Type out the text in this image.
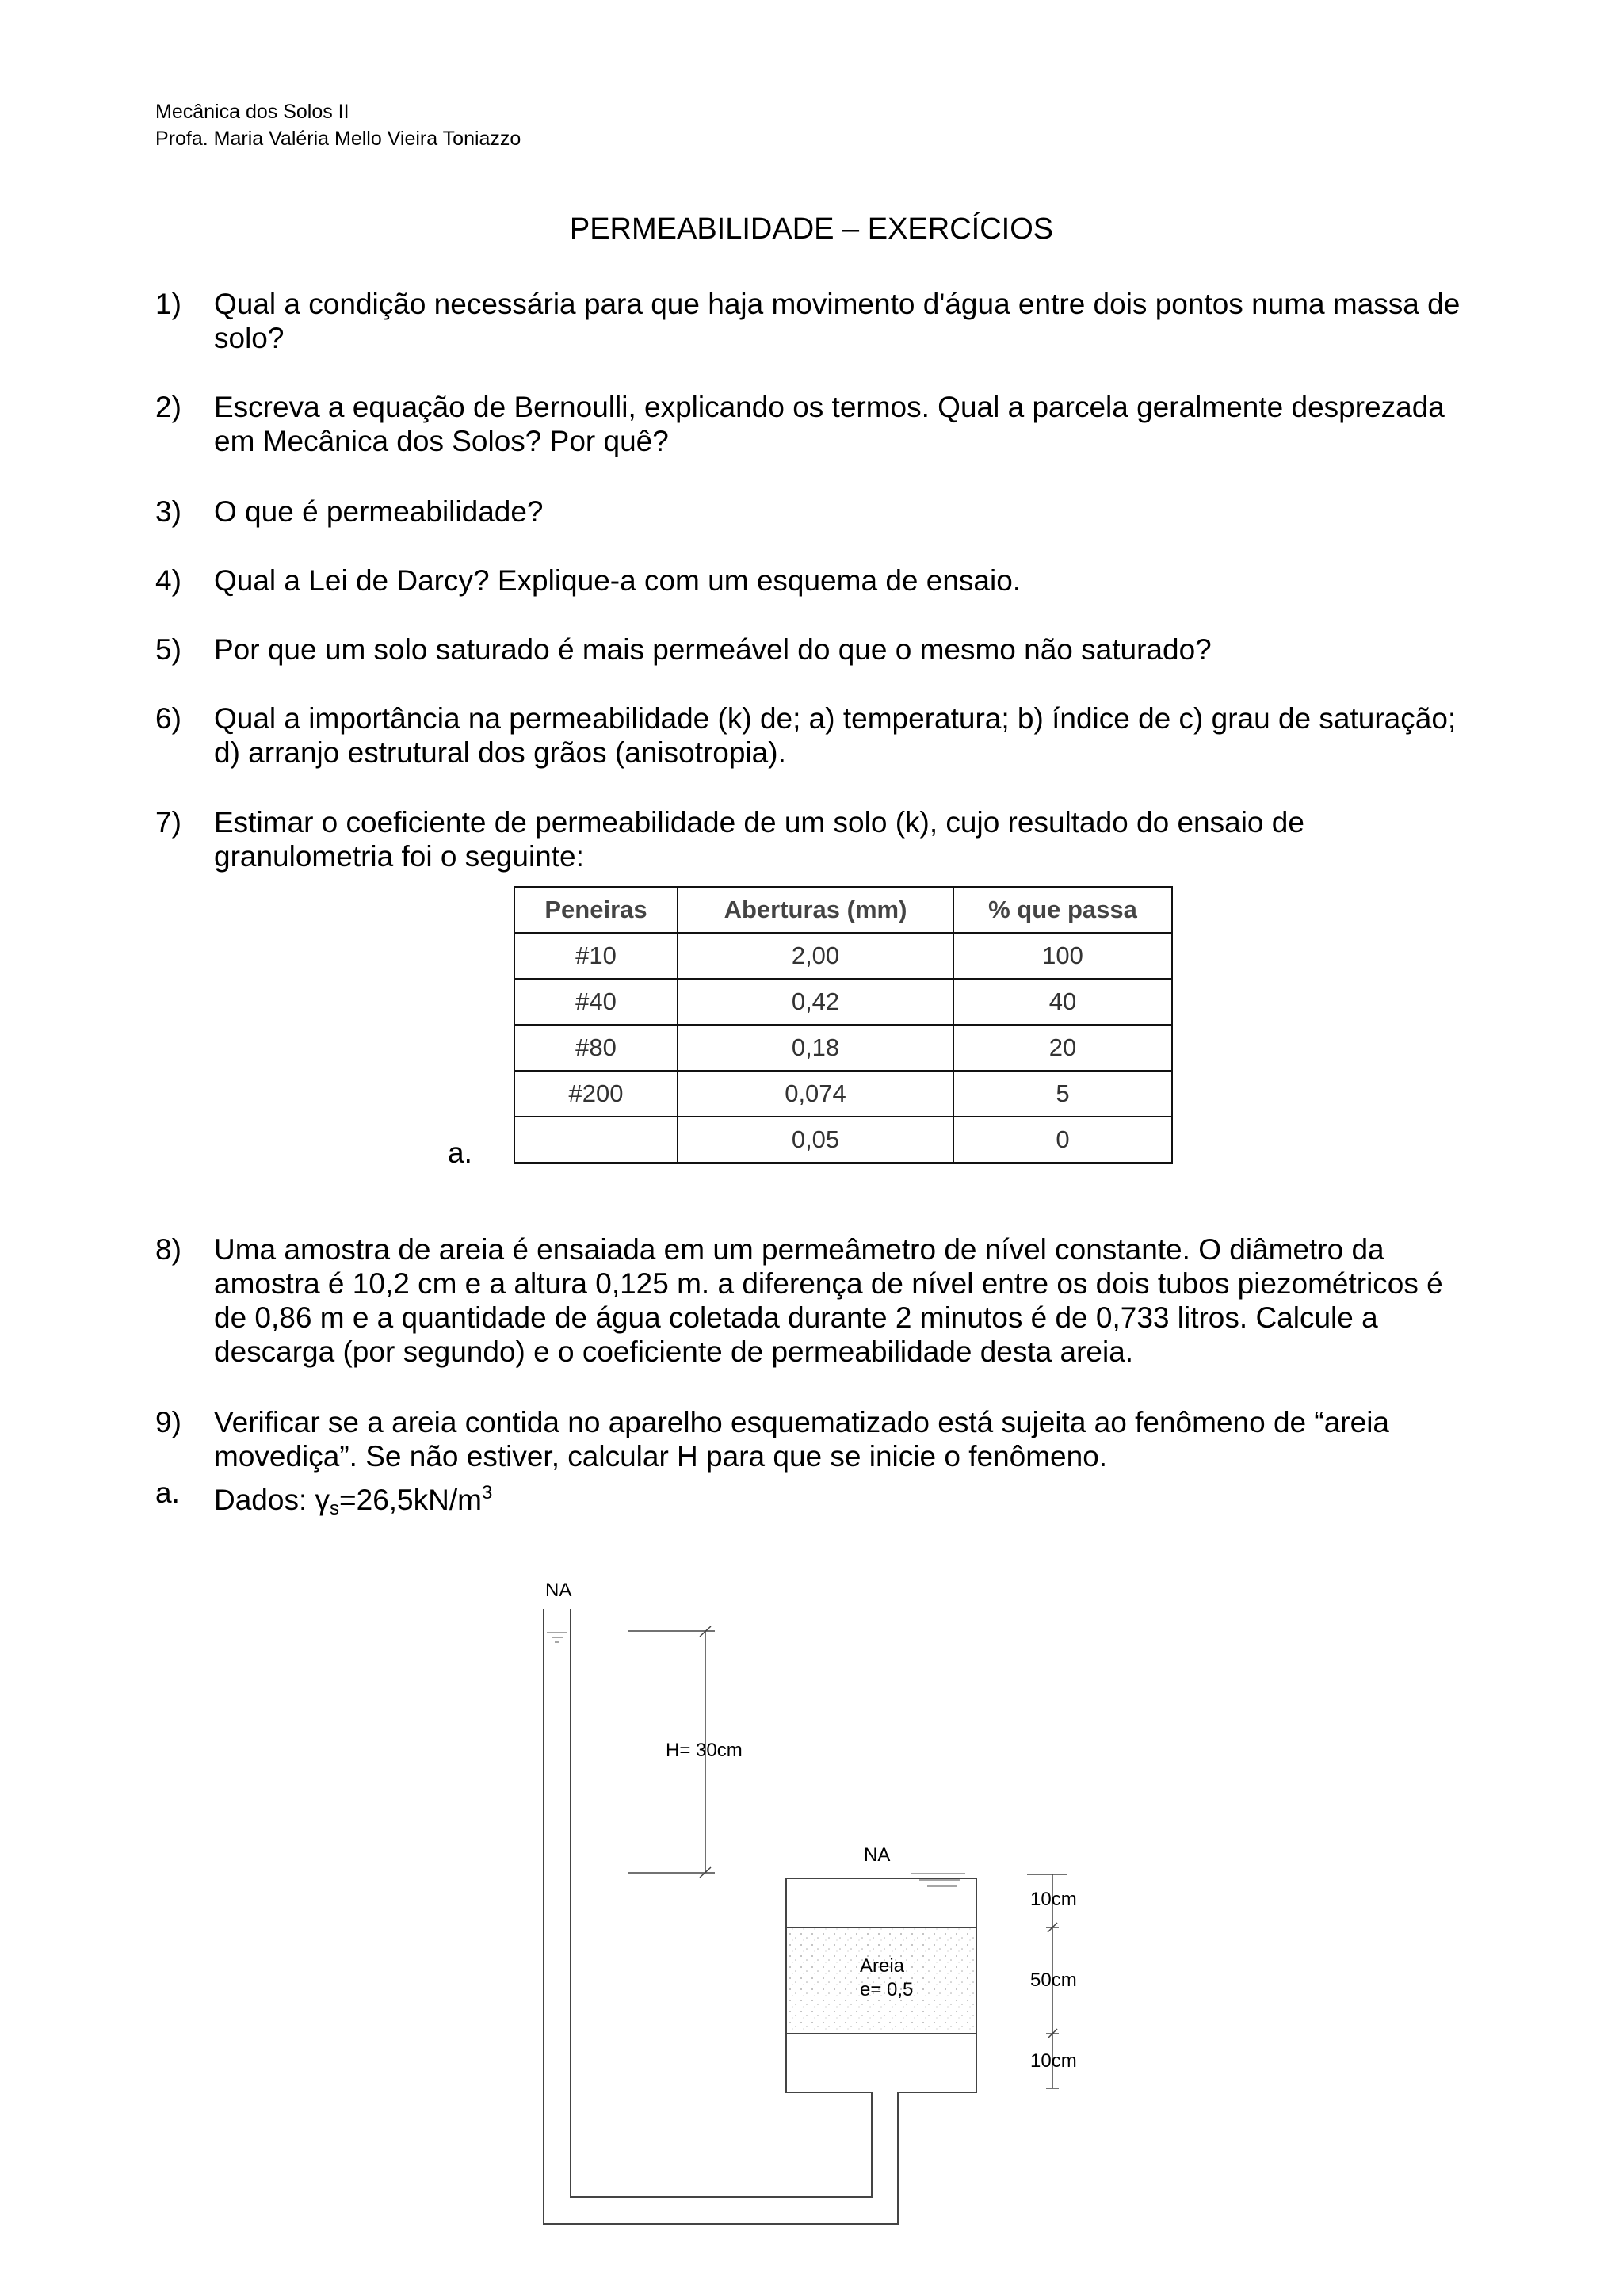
Mecânica dos Solos II
Profa. Maria Valéria Mello Vieira Toniazzo
PERMEABILIDADE – EXERCÍCIOS
1) Qual a condição necessária para que haja movimento d'água entre dois pontos numa massa de solo?
2) Escreva a equação de Bernoulli, explicando os termos. Qual a parcela geralmente desprezada em Mecânica dos Solos? Por quê?
3) O que é permeabilidade?
4) Qual a Lei de Darcy? Explique-a com um esquema de ensaio.
5) Por que um solo saturado é mais permeável do que o mesmo não saturado?
6) Qual a importância na permeabilidade (k) de; a) temperatura; b) índice de c) grau de saturação; d) arranjo estrutural dos grãos (anisotropia).
7) Estimar o coeficiente de permeabilidade de um solo (k), cujo resultado do ensaio de granulometria foi o seguinte:
a.
Peneiras	Aberturas (mm)	% que passa
#10	2,00	100
#40	0,42	40
#80	0,18	20
#200	0,074	5
	0,05	0
8) Uma amostra de areia é ensaiada em um permeâmetro de nível constante. O diâmetro da amostra é 10,2 cm e a altura 0,125 m. a diferença de nível entre os dois tubos piezométricos é de 0,86 m e a quantidade de água coletada durante 2 minutos é de 0,733 litros. Calcule a descarga (por segundo) e o coeficiente de permeabilidade desta areia.
9) Verificar se a areia contida no aparelho esquematizado está sujeita ao fenômeno de “areia movediça”. Se não estiver, calcular H para que se inicie o fenômeno.
a. Dados: $\gamma_s=26,5kN/m^3$
NA
H= 30cm
NA
Areia
e= 0,5
10cm
50cm
10cm
